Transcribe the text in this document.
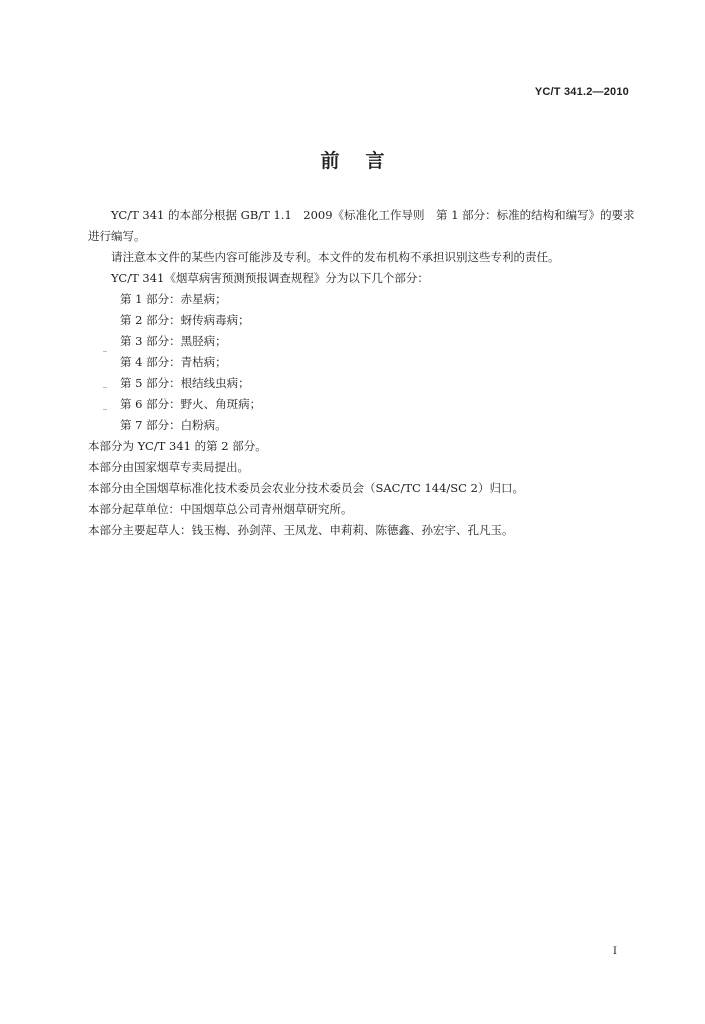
YC/T 341.2—2010
前言

YC/T 341 的本部分根据 GB/T 1.1　2009《标准化工作导则　第 1 部分：标准的结构和编写》的要求进行编写。

请注意本文件的某些内容可能涉及专利。本文件的发布机构不承担识别这些专利的责任。

YC/T 341《烟草病害预测预报调查规程》分为以下几个部分：

第 1 部分：赤星病；

第 2 部分：蚜传病毒病；

第 3 部分：黑胫病；

第 4 部分：青枯病；

第 5 部分：根结线虫病；

第 6 部分：野火、角斑病；

第 7 部分：白粉病。

本部分为 YC/T 341 的第 2 部分。

本部分由国家烟草专卖局提出。

本部分由全国烟草标准化技术委员会农业分技术委员会（SAC/TC 144/SC 2）归口。

本部分起草单位：中国烟草总公司青州烟草研究所。

本部分主要起草人：钱玉梅、孙剑萍、王凤龙、申莉莉、陈德鑫、孙宏宇、孔凡玉。

I
